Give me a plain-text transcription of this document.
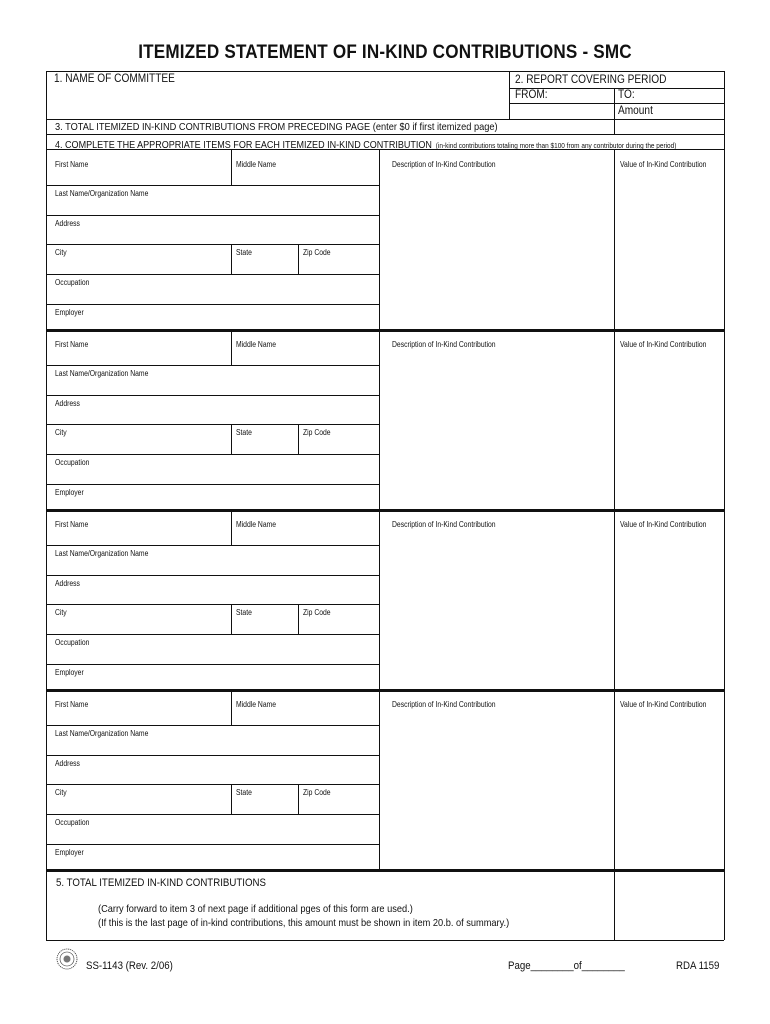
ITEMIZED STATEMENT OF IN-KIND CONTRIBUTIONS - SMC
1. NAME OF COMMITTEE	2. REPORT COVERING PERIOD
FROM:	TO:
Amount
3. TOTAL ITEMIZED IN-KIND CONTRIBUTIONS FROM PRECEDING PAGE (enter $0 if first itemized page)
4. COMPLETE THE APPROPRIATE ITEMS FOR EACH ITEMIZED IN-KIND CONTRIBUTION (in-kind contributions totaling more than $100 from any contributor during the period)
First Name	Middle Name	Description of In-Kind Contribution	Value of In-Kind Contribution
Last Name/Organization Name
Address
City	State	Zip Code
Occupation
Employer
First Name	Middle Name	Description of In-Kind Contribution	Value of In-Kind Contribution
Last Name/Organization Name
Address
City	State	Zip Code
Occupation
Employer
First Name	Middle Name	Description of In-Kind Contribution	Value of In-Kind Contribution
Last Name/Organization Name
Address
City	State	Zip Code
Occupation
Employer
First Name	Middle Name	Description of In-Kind Contribution	Value of In-Kind Contribution
Last Name/Organization Name
Address
City	State	Zip Code
Occupation
Employer
5. TOTAL ITEMIZED IN-KIND CONTRIBUTIONS
(Carry forward to item 3 of next page if additional pges of this form are used.)
(If this is the last page of in-kind contributions, this amount must be shown in item 20.b. of summary.)
SS-1143 (Rev. 2/06)	Page________of________	RDA 1159
